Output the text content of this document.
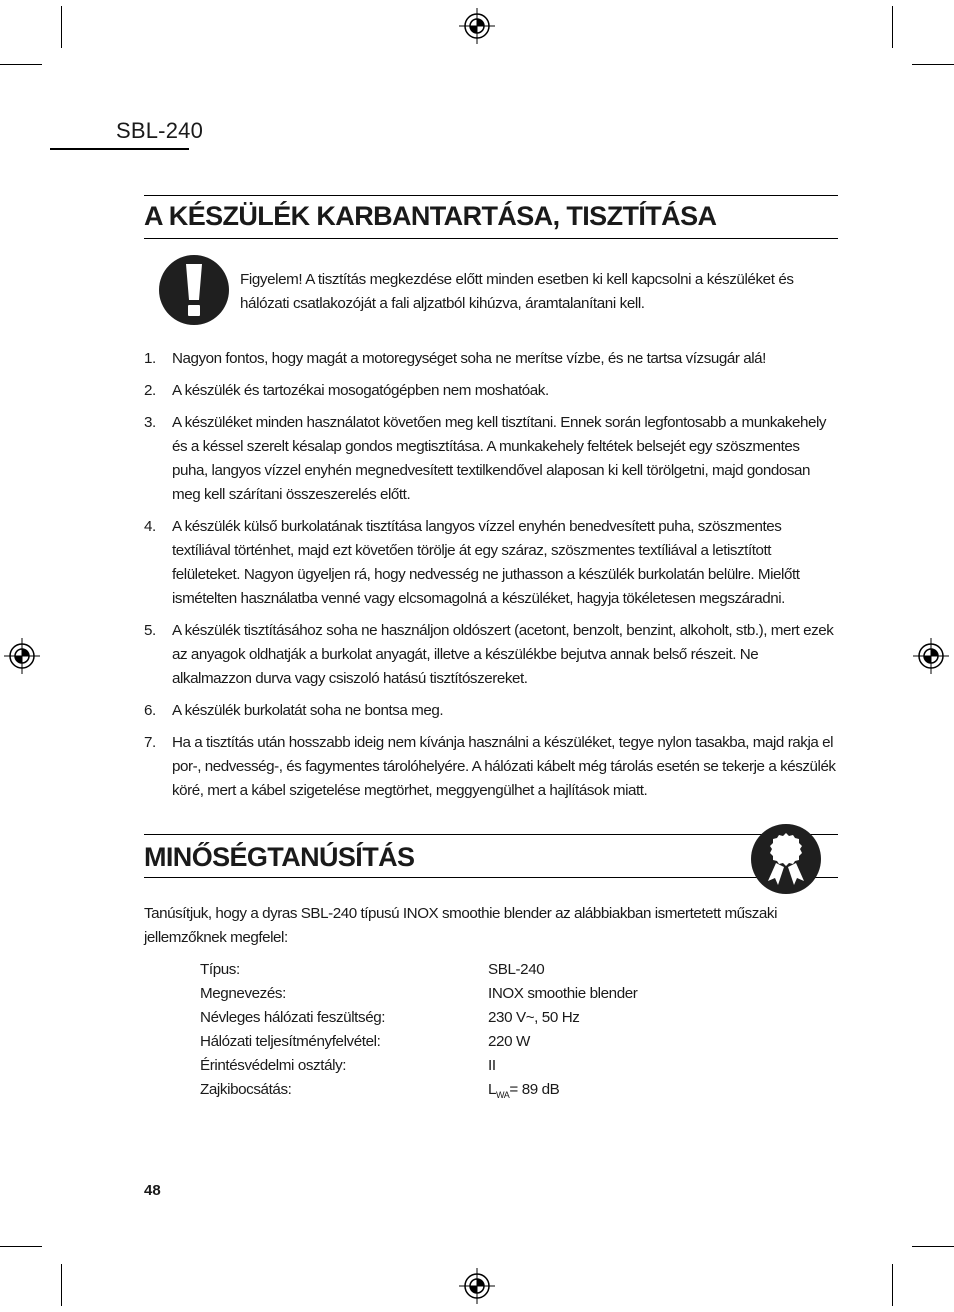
SBL-240
A KÉSZÜLÉK KARBANTARTÁSA, TISZTÍTÁSA
Figyelem! A tisztítás megkezdése előtt minden esetben ki kell kapcsolni a készüléket és hálózati csatlakozóját a fali aljzatból kihúzva, áramtalanítani kell.
1. Nagyon fontos, hogy magát a motoregységet soha ne merítse vízbe, és ne tartsa vízsugár alá!
2. A készülék és tartozékai mosogatógépben nem moshatóak.
3. A készüléket minden használatot követően meg kell tisztítani. Ennek során legfontosabb a munkakehely és a késsel szerelt késalap gondos megtisztítása. A munkakehely feltétek belsejét egy szöszmentes puha, langyos vízzel enyhén megnedvesített textilkendővel alaposan ki kell törölgetni, majd gondosan meg kell szárítani összeszerelés előtt.
4. A készülék külső burkolatának tisztítása langyos vízzel enyhén benedvesített puha, szöszmentes textíliával történhet, majd ezt követően törölje át egy száraz, szöszmentes textíliával a letisztított felületeket. Nagyon ügyeljen rá, hogy nedvesség ne juthasson a készülék burkolatán belülre. Mielőtt ismételten használatba venné vagy elcsomagolná a készüléket, hagyja tökéletesen megszáradni.
5. A készülék tisztításához soha ne használjon oldószert (acetont, benzolt, benzint, alkoholt, stb.), mert ezek az anyagok oldhatják a burkolat anyagát, illetve a készülékbe bejutva annak belső részeit. Ne alkalmazzon durva vagy csiszoló hatású tisztítószereket.
6. A készülék burkolatát soha ne bontsa meg.
7. Ha a tisztítás után hosszabb ideig nem kívánja használni a készüléket, tegye nylon tasakba, majd rakja el por-, nedvesség-, és fagymentes tárolóhelyére. A hálózati kábelt még tárolás esetén se tekerje a készülék köré, mert a kábel szigetelése megtörhet, meggyengülhet a hajlítások miatt.
MINŐSÉGTANÚSÍTÁS
Tanúsítjuk, hogy a dyras SBL-240 típusú INOX smoothie blender az alábbiakban ismertetett műszaki jellemzőknek megfelel:
Típus:	SBL-240
Megnevezés:	INOX smoothie blender
Névleges hálózati feszültség:	230 V~, 50 Hz
Hálózati teljesítményfelvétel:	220 W
Érintésvédelmi osztály:	II
Zajkibocsátás:	$L_{WA}= 89$ dB
48
